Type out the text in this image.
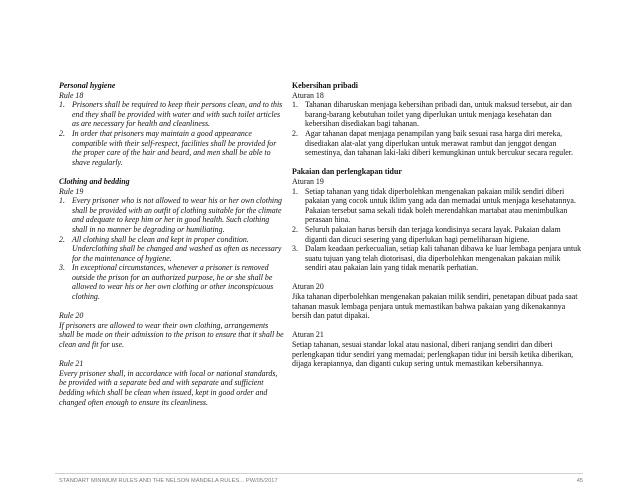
Personal hygiene
Rule 18
1. Prisoners shall be required to keep their persons clean, and to this end they shall be provided with water and with such toilet articles as are necessary for health and cleanliness.
2. In order that prisoners may maintain a good appearance compatible with their self-respect, facilities shall be provided for the proper care of the hair and beard, and men shall be able to shave regularly.
Clothing and bedding
Rule 19
1. Every prisoner who is not allowed to wear his or her own clothing shall be provided with an outfit of clothing suitable for the climate and adequate to keep him or her in good health. Such clothing shall in no manner be degrading or humiliating.
2. All clothing shall be clean and kept in proper condition. Underclothing shall be changed and washed as often as necessary for the maintenance of hygiene.
3. In exceptional circumstances, whenever a prisoner is removed outside the prison for an authorized purpose, he or she shall be allowed to wear his or her own clothing or other inconspicuous clothing.
Rule 20
If prisoners are allowed to wear their own clothing, arrangements shall be made on their admission to the prison to ensure that it shall be clean and fit for use.
Rule 21
Every prisoner shall, in accordance with local or national standards, be provided with a separate bed and with separate and sufficient bedding which shall be clean when issued, kept in good order and changed often enough to ensure its cleanliness.
Kebersihan pribadi
Aturan 18
1. Tahanan diharuskan menjaga kebersihan pribadi dan, untuk maksud tersebut, air dan barang-barang kebutuhan toilet yang diperlukan untuk menjaga kesehatan dan kebersihan disediakan bagi tahanan.
2. Agar tahanan dapat menjaga penampilan yang baik sesuai rasa harga diri mereka, disediakan alat-alat yang diperlukan untuk merawat rambut dan jenggot dengan semestinya, dan tahanan laki-laki diberi kemungkinan untuk bercukur secara reguler.
Pakaian dan perlengkapan tidur
Aturan 19
1. Setiap tahanan yang tidak diperbolehkan mengenakan pakaian milik sendiri diberi pakaian yang cocok untuk iklim yang ada dan memadai untuk menjaga kesehatannya. Pakaian tersebut sama sekali tidak boleh merendahkan martabat atau menimbulkan perasaan hina.
2. Seluruh pakaian harus bersih dan terjaga kondisinya secara layak. Pakaian dalam diganti dan dicuci sesering yang diperlukan bagi pemeliharaan higiene.
3. Dalam keadaan perkecualian, setiap kali tahanan dibawa ke luar lembaga penjara untuk suatu tujuan yang telah diotorisasi, dia diperbolehkan mengenakan pakaian milik sendiri atau pakaian lain yang tidak menarik perhatian.
Aturan 20
Jika tahanan diperbolehkan mengenakan pakaian milik sendiri, penetapan dibuat pada saat tahanan masuk lembaga penjara untuk memastikan bahwa pakaian yang dikenakannya bersih dan patut dipakai.
Aturan 21
Setiap tahanan, sesuai standar lokal atau nasional, diberi ranjang sendiri dan diberi perlengkapan tidur sendiri yang memadai; perlengkapan tidur ini bersih ketika diberikan, dijaga kerapiannya, dan diganti cukup sering untuk memastikan kebersihannya.
STANDART MINIMUM RULES AND THE NELSON MANDELA RULES... PW/05/2017	45
